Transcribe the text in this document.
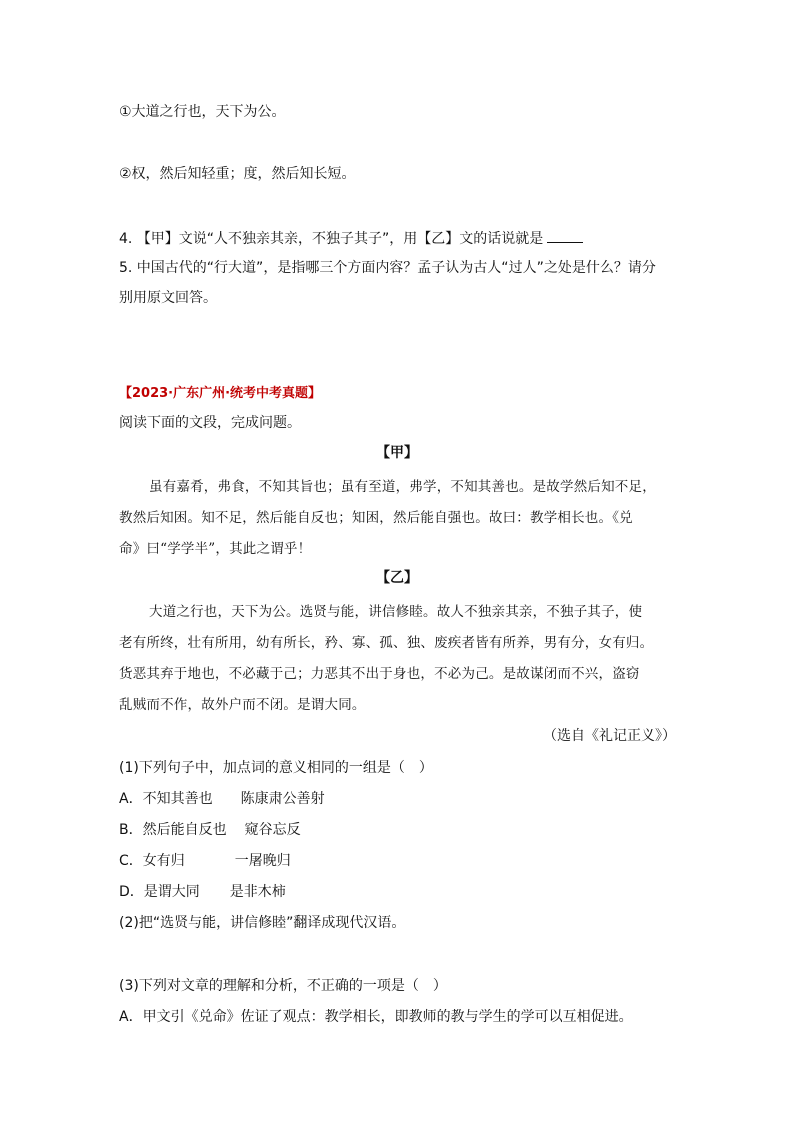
①大道之行也，天下为公。
②权，然后知轻重；度，然后知长短。
4. 【甲】文说“人不独亲其亲，不独子其子”，用【乙】文的话说就是
5. 中国古代的“行大道”，是指哪三个方面内容？孟子认为古人“过人”之处是什么？请分
别用原文回答。
【2023·广东广州·统考中考真题】
阅读下面的文段，完成问题。
【甲】
虽有嘉肴，弗食，不知其旨也；虽有至道，弗学，不知其善也。是故学然后知不足，
教然后知困。知不足，然后能自反也；知困，然后能自强也。故曰：教学相长也。《兑
命》曰“学学半”，其此之谓乎！
【乙】
大道之行也，天下为公。选贤与能，讲信修睦。故人不独亲其亲，不独子其子，使
老有所终，壮有所用，幼有所长，矜、寡、孤、独、废疾者皆有所养，男有分，女有归。
货恶其弃于地也，不必藏于己；力恶其不出于身也，不必为己。是故谋闭而不兴，盗窃
乱贼而不作，故外户而不闭。是谓大同。
（选自《礼记正义》）
(1)下列句子中，加点词的意义相同的一组是（　）
A．不知其善也 陈康肃公善射
B．然后能自反也 窥谷忘反
C．女有归	一屠晚归
D．是谓大同 是非木柿
(2)把“选贤与能，讲信修睦”翻译成现代汉语。
(3)下列对文章的理解和分析，不正确的一项是（　）
A．甲文引《兑命》佐证了观点：教学相长，即教师的教与学生的学可以互相促进。
